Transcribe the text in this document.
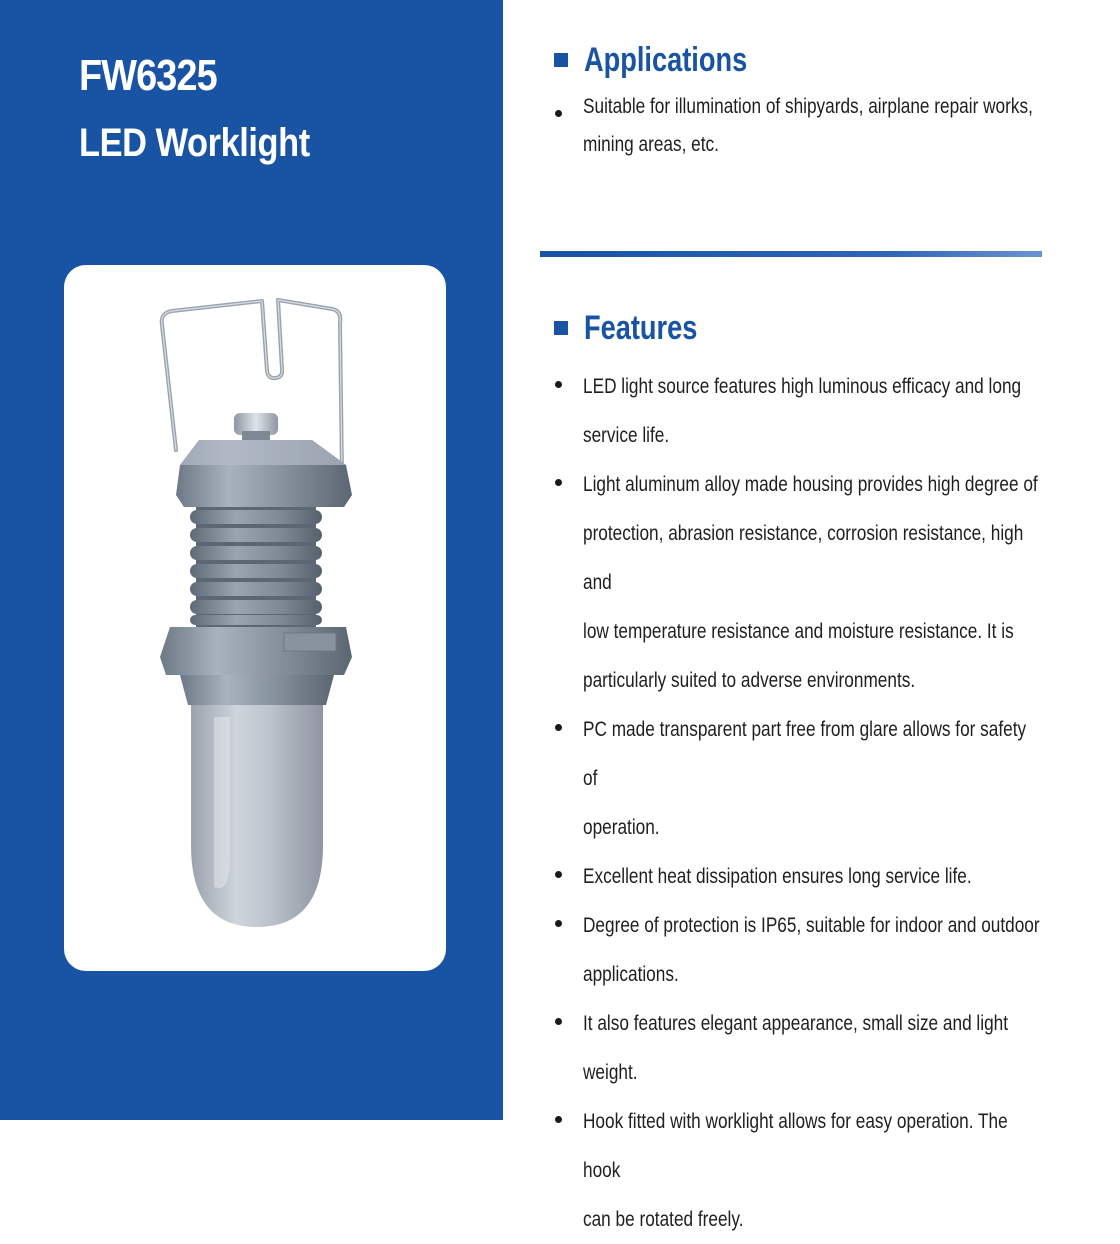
FW6325
LED Worklight
Applications
Suitable for illumination of shipyards, airplane repair works,
mining areas, etc.
Features
LED light source features high luminous efficacy and long
service life.
Light aluminum alloy made housing provides high degree of
protection, abrasion resistance, corrosion resistance, high and
low temperature resistance and moisture resistance. It is
particularly suited to adverse environments.
PC made transparent part free from glare allows for safety of
operation.
Excellent heat dissipation ensures long service life.
Degree of protection is IP65, suitable for indoor and outdoor
applications.
It also features elegant appearance, small size and light
weight.
Hook fitted with worklight allows for easy operation. The hook
can be rotated freely.
